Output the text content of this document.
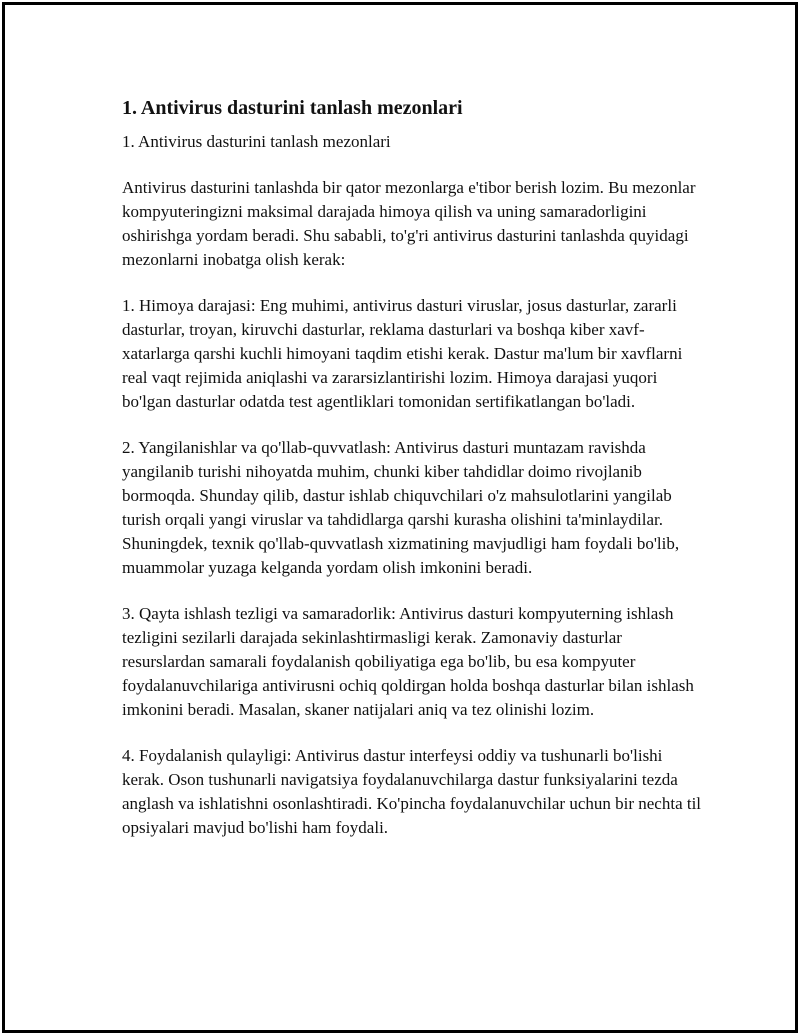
1. Antivirus dasturini tanlash mezonlari

1. Antivirus dasturini tanlash mezonlari

Antivirus dasturini tanlashda bir qator mezonlarga e'tibor berish lozim. Bu mezonlar kompyuteringizni maksimal darajada himoya qilish va uning samaradorligini oshirishga yordam beradi. Shu sababli, to'g'ri antivirus dasturini tanlashda quyidagi mezonlarni inobatga olish kerak:

1. Himoya darajasi: Eng muhimi, antivirus dasturi viruslar, josus dasturlar, zararli dasturlar, troyan, kiruvchi dasturlar, reklama dasturlari va boshqa kiber xavf-xatarlarga qarshi kuchli himoyani taqdim etishi kerak. Dastur ma'lum bir xavflarni real vaqt rejimida aniqlashi va zararsizlantirishi lozim. Himoya darajasi yuqori bo'lgan dasturlar odatda test agentliklari tomonidan sertifikatlangan bo'ladi.

2. Yangilanishlar va qo'llab-quvvatlash: Antivirus dasturi muntazam ravishda yangilanib turishi nihoyatda muhim, chunki kiber tahdidlar doimo rivojlanib bormoqda. Shunday qilib, dastur ishlab chiquvchilari o'z mahsulotlarini yangilab turish orqali yangi viruslar va tahdidlarga qarshi kurasha olishini ta'minlaydilar. Shuningdek, texnik qo'llab-quvvatlash xizmatining mavjudligi ham foydali bo'lib, muammolar yuzaga kelganda yordam olish imkonini beradi.

3. Qayta ishlash tezligi va samaradorlik: Antivirus dasturi kompyuterning ishlash tezligini sezilarli darajada sekinlashtirmasligi kerak. Zamonaviy dasturlar resurslardan samarali foydalanish qobiliyatiga ega bo'lib, bu esa kompyuter foydalanuvchilariga antivirusni ochiq qoldirgan holda boshqa dasturlar bilan ishlash imkonini beradi. Masalan, skaner natijalari aniq va tez olinishi lozim.

4. Foydalanish qulayligi: Antivirus dastur interfeysi oddiy va tushunarli bo'lishi kerak. Oson tushunarli navigatsiya foydalanuvchilarga dastur funksiyalarini tezda anglash va ishlatishni osonlashtiradi. Ko'pincha foydalanuvchilar uchun bir nechta til opsiyalari mavjud bo'lishi ham foydali.
